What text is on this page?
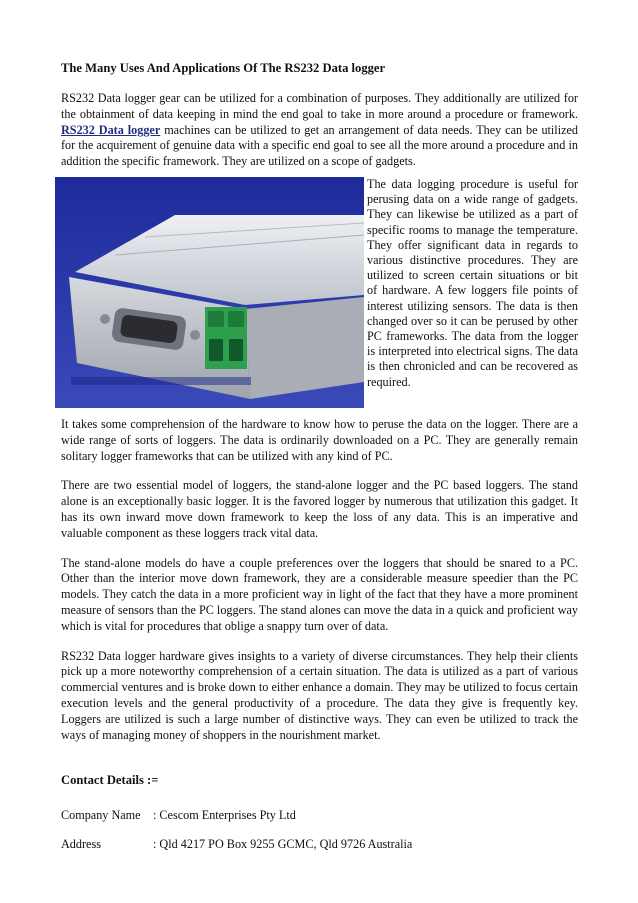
The Many Uses And Applications Of The RS232 Data logger

RS232 Data logger gear can be utilized for a combination of purposes. They additionally are utilized for the obtainment of data keeping in mind the end goal to take in more around a procedure or framework. RS232 Data logger machines can be utilized to get an arrangement of data needs. They can be utilized for the acquirement of genuine data with a specific end goal to see all the more around a procedure and in addition the specific framework. They are utilized on a scope of gadgets.

The data logging procedure is useful for perusing data on a wide range of gadgets. They can likewise be utilized as a part of specific rooms to manage the temperature. They offer significant data in regards to various distinctive procedures. They are utilized to screen certain situations or bit of hardware. A few loggers file points of interest utilizing sensors. The data is then changed over so it can be perused by other PC frameworks. The data from the logger is interpreted into electrical signs. The data is then chronicled and can be recovered as required.

It takes some comprehension of the hardware to know how to peruse the data on the logger. There are a wide range of sorts of loggers. The data is ordinarily downloaded on a PC. They are generally remain solitary logger frameworks that can be utilized with any kind of PC.

There are two essential model of loggers, the stand-alone logger and the PC based loggers. The stand alone is an exceptionally basic logger. It is the favored logger by numerous that utilization this gadget. It has its own inward move down framework to keep the loss of any data. This is an imperative and valuable component as these loggers track vital data.

The stand-alone models do have a couple preferences over the loggers that should be snared to a PC. Other than the interior move down framework, they are a considerable measure speedier than the PC models. They catch the data in a more proficient way in light of the fact that they have a more prominent measure of sensors than the PC loggers. The stand alones can move the data in a quick and proficient way which is vital for procedures that oblige a snappy turn over of data.

RS232 Data logger hardware gives insights to a variety of diverse circumstances. They help their clients pick up a more noteworthy comprehension of a certain situation. The data is utilized as a part of various commercial ventures and is broke down to either enhance a domain. They may be utilized to focus certain execution levels and the general productivity of a procedure. The data they give is frequently key. Loggers are utilized is such a large number of distinctive ways. They can even be utilized to track the ways of managing money of shoppers in the nourishment market.

Contact Details :=
Company Name	: Cescom Enterprises Pty Ltd
Address	: Qld 4217 PO Box 9255 GCMC, Qld 9726 Australia
